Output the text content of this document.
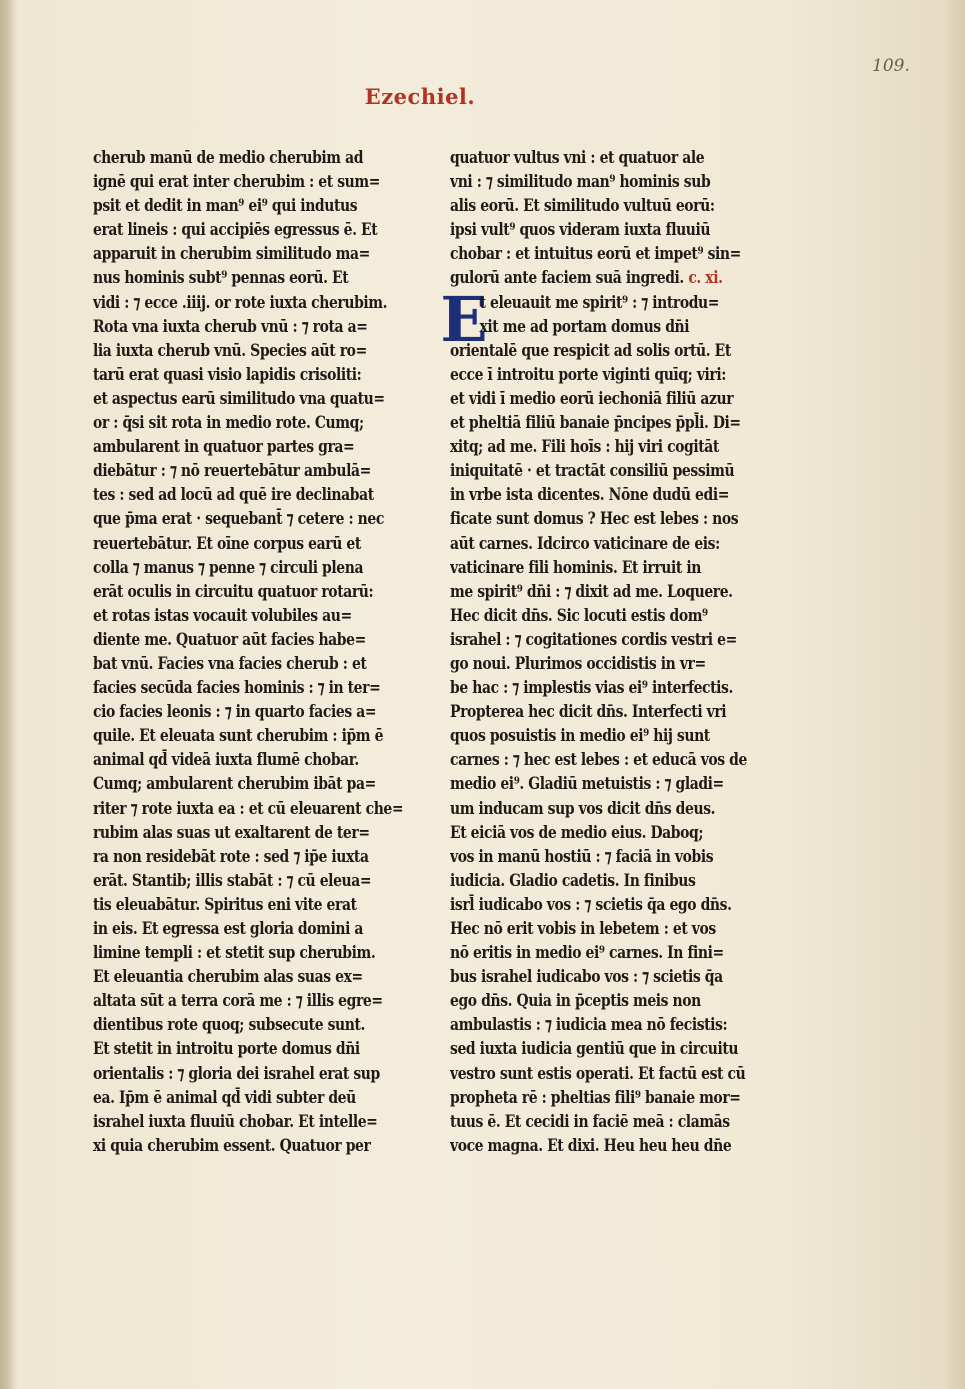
109.
Ezechiel.
cherub manū de medio cherubim ad
ignē qui erat inter cherubim : et sum=
psit et dedit in man⁹ ei⁹ qui indutus
erat lineis : qui accipiēs egressus ē. Et
apparuit in cherubim similitudo ma=
nus hominis subt⁹ pennas eorū. Et
vidi : ⁊ ecce .iiij. or rote iuxta cherubim.
Rota vna iuxta cherub vnū : ⁊ rota a=
lia iuxta cherub vnū. Species aūt ro=
tarū erat quasi visio lapidis crisoliti:
et aspectus earū similitudo vna quatu=
or : q̄si sit rota in medio rote. Cumq;
ambularent in quatuor partes gra=
diebātur : ⁊ nō reuertebātur ambulā=
tes : sed ad locū ad quē ire declinabat
que p̄ma erat · sequebant̄ ⁊ cetere : nec
reuertebātur. Et oīne corpus earū et
colla ⁊ manus ⁊ penne ⁊ circuli plena
erāt oculis in circuitu quatuor rotarū:
et rotas istas vocauit volubiles au=
diente me. Quatuor aūt facies habe=
bat vnū. Facies vna facies cherub : et
facies secūda facies hominis : ⁊ in ter=
cio facies leonis : ⁊ in quarto facies a=
quile. Et eleuata sunt cherubim : ip̄m ē
animal qd̄ videā iuxta flumē chobar.
Cumq; ambularent cherubim ibāt pa=
riter ⁊ rote iuxta ea : et cū eleuarent che=
rubim alas suas ut exaltarent de ter=
ra non residebāt rote : sed ⁊ ip̄e iuxta
erāt. Stantib; illis stabāt : ⁊ cū eleua=
tis eleuabātur. Spiritus eni vite erat
in eis. Et egressa est gloria domini a
limine templi : et stetit sup cherubim.
Et eleuantia cherubim alas suas ex=
altata sūt a terra corā me : ⁊ illis egre=
dientibus rote quoq; subsecute sunt.
Et stetit in introitu porte domus dn̄i
orientalis : ⁊ gloria dei israhel erat sup
ea. Ip̄m ē animal qd̄ vidi subter deū
israhel iuxta fluuiū chobar. Et intelle=
xi quia cherubim essent. Quatuor per
E
quatuor vultus vni : et quatuor ale
vni : ⁊ similitudo man⁹ hominis sub
alis eorū. Et similitudo vultuū eorū:
ipsi vult⁹ quos videram iuxta fluuiū
chobar : et intuitus eorū et impet⁹ sin=
gulorū ante faciem suā ingredi. c. xi.
t eleuauit me spirit⁹ : ⁊ introdu=
xit me ad portam domus dn̄i
orientalē que respicit ad solis ortū. Et
ecce ī introitu porte viginti quīq; viri:
et vidi ī medio eorū iechoniā filiū azur
et pheltiā filiū banaie p̄ncipes p̄pl̄i. Di=
xitq; ad me. Fili hoīs : hij viri cogitāt
iniquitatē · et tractāt consiliū pessimū
in vrbe ista dicentes. Nōne dudū edi=
ficate sunt domus ? Hec est lebes : nos
aūt carnes. Idcirco vaticinare de eis:
vaticinare fili hominis. Et irruit in
me spirit⁹ dn̄i : ⁊ dixit ad me. Loquere.
Hec dicit dn̄s. Sic locuti estis dom⁹
israhel : ⁊ cogitationes cordis vestri e=
go noui. Plurimos occidistis in vr=
be hac : ⁊ implestis vias ei⁹ interfectis.
Propterea hec dicit dn̄s. Interfecti vri
quos posuistis in medio ei⁹ hij sunt
carnes : ⁊ hec est lebes : et educā vos de
medio ei⁹. Gladiū metuistis : ⁊ gladi=
um inducam sup vos dicit dn̄s deus.
Et eiciā vos de medio eius. Daboq;
vos in manū hostiū : ⁊ faciā in vobis
iudicia. Gladio cadetis. In finibus
isrl̄ iudicabo vos : ⁊ scietis q̄a ego dn̄s.
Hec nō erit vobis in lebetem : et vos
nō eritis in medio ei⁹ carnes. In fini=
bus israhel iudicabo vos : ⁊ scietis q̄a
ego dn̄s. Quia in p̄ceptis meis non
ambulastis : ⁊ iudicia mea nō fecistis:
sed iuxta iudicia gentiū que in circuitu
vestro sunt estis operati. Et factū est cū
propheta rē : pheltias fili⁹ banaie mor=
tuus ē. Et cecidi in faciē meā : clamās
voce magna. Et dixi. Heu heu heu dn̄e
